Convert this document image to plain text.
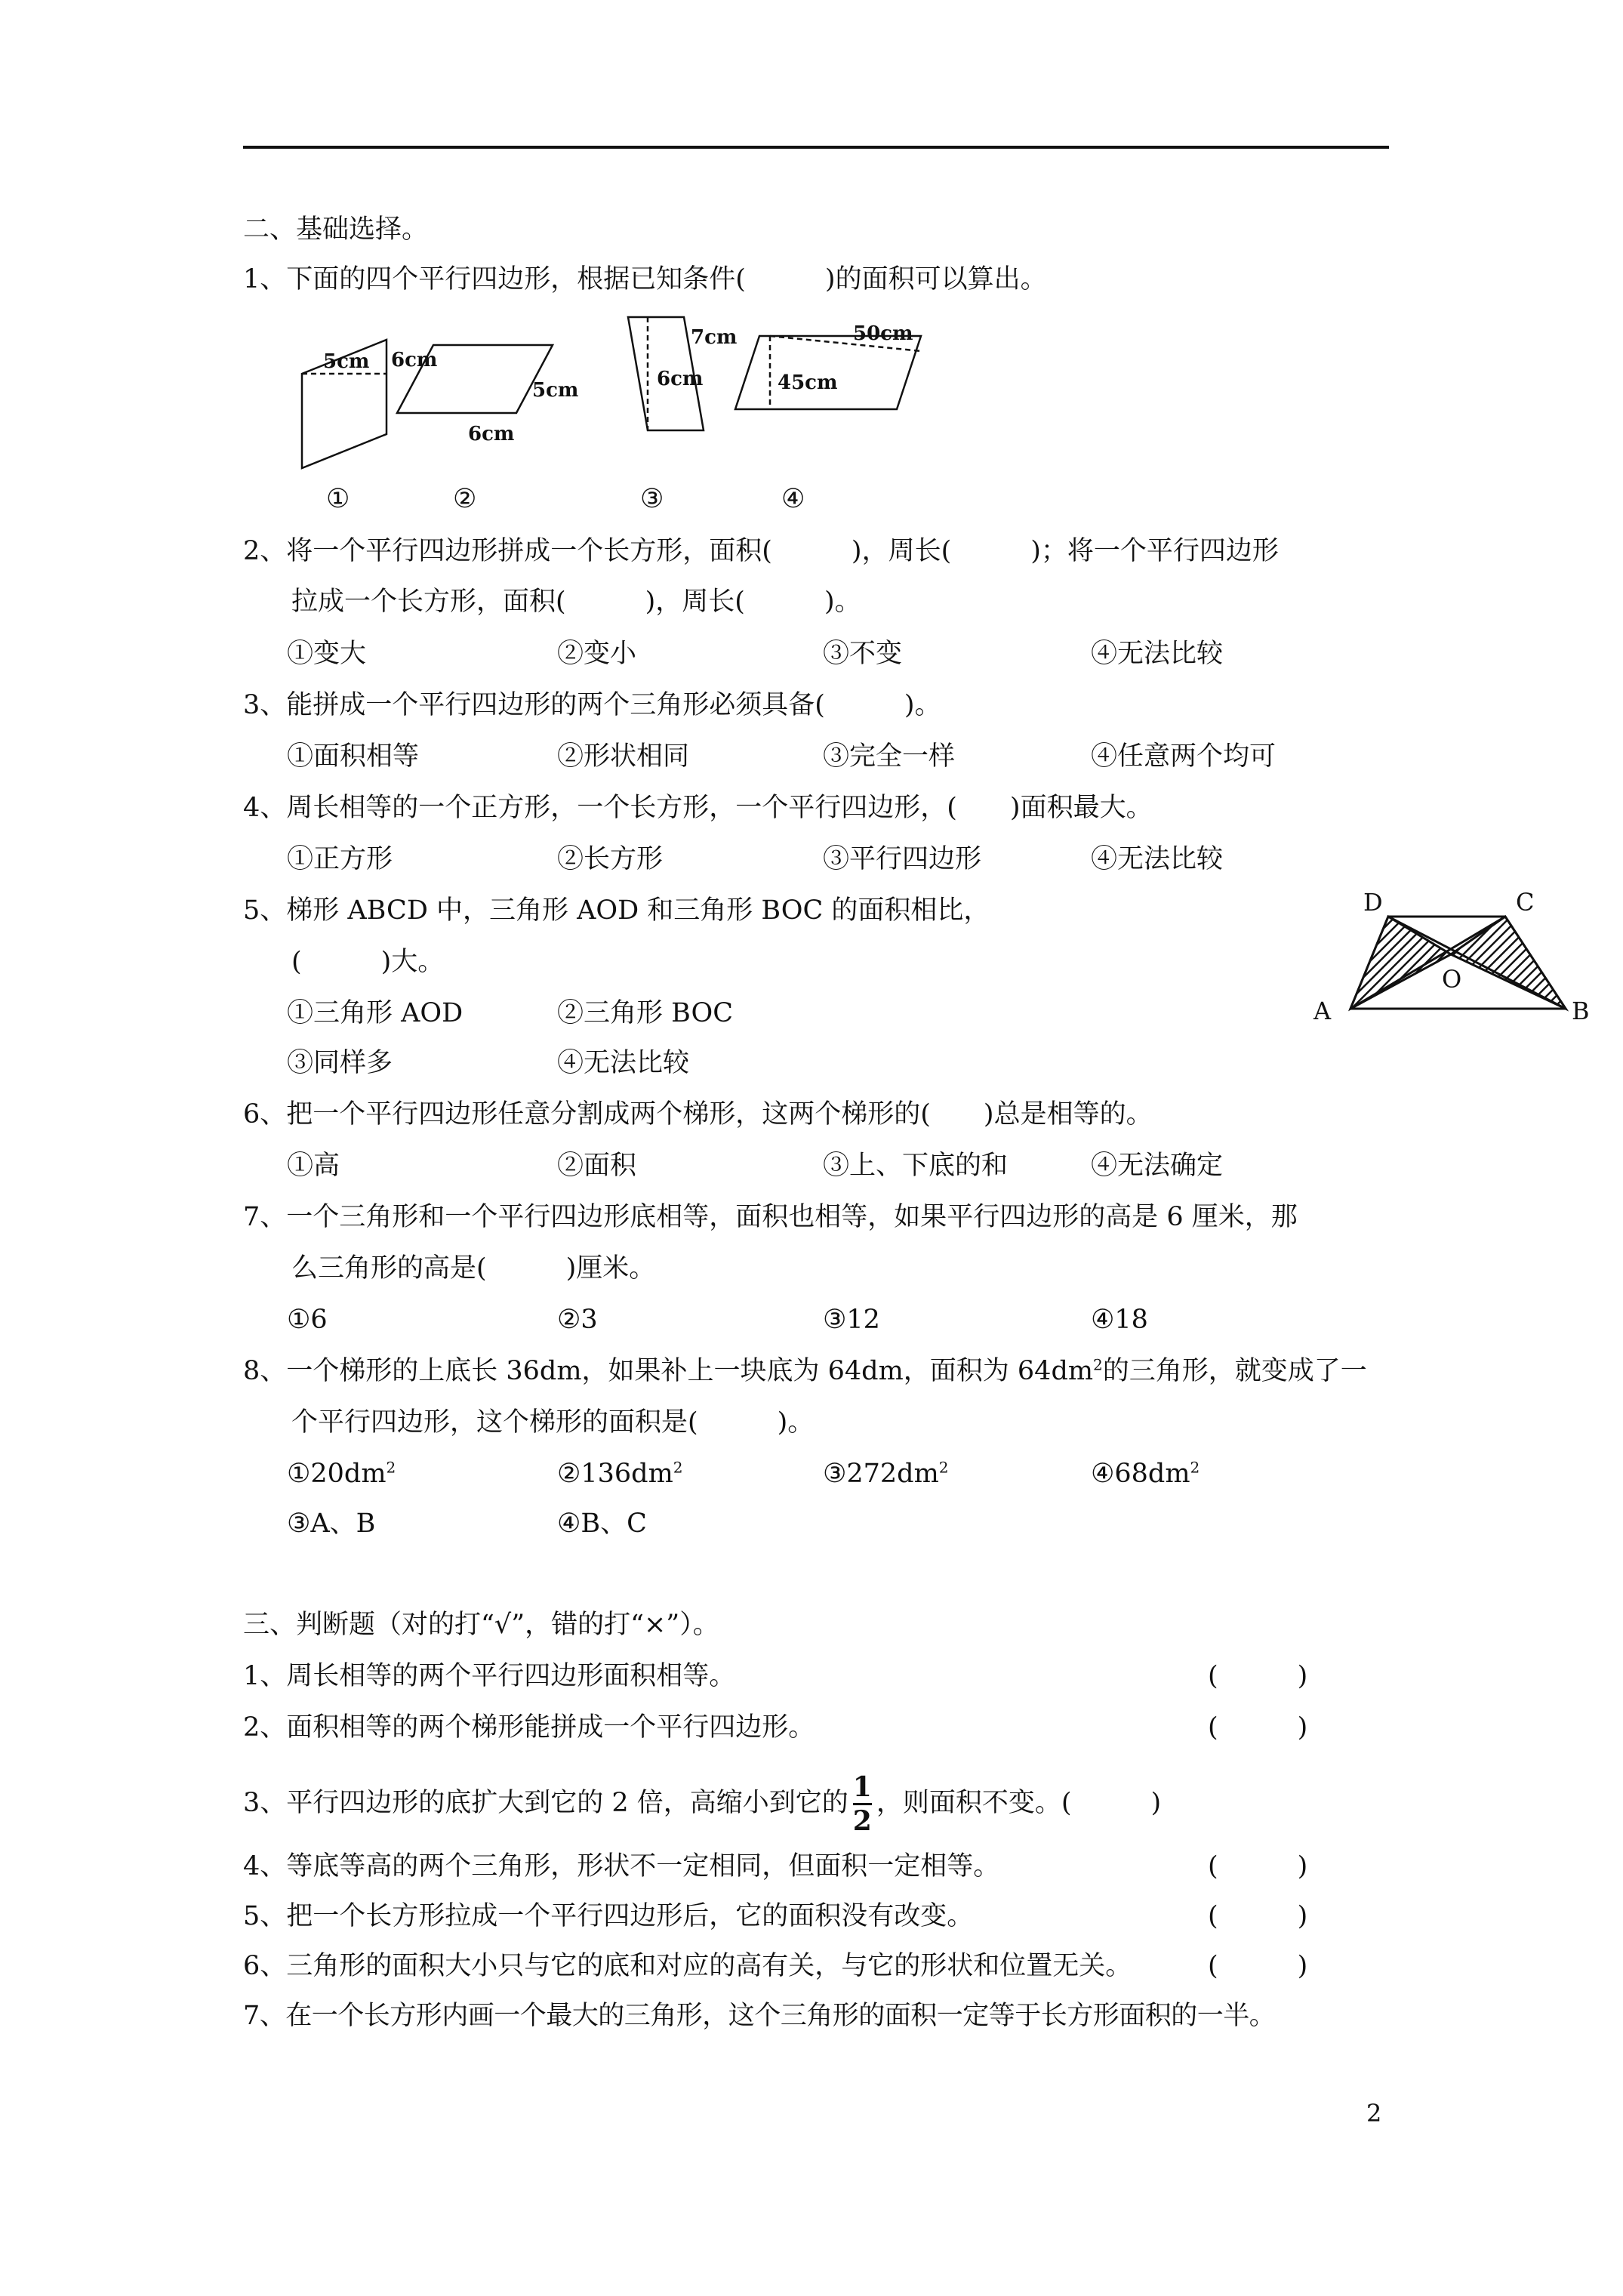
二、基础选择。
1、下面的四个平行四边形，根据已知条件(　　　)的面积可以算出。
5cm 6cm
5cm
6cm
7cm
6cm
50cm
45cm
①	②	③	④
2、将一个平行四边形拼成一个长方形，面积(　　　)，周长(　　　)；将一个平行四边形
拉成一个长方形，面积(　　　)，周长(　　　)。
①变大	②变小	③不变	④无法比较
3、能拼成一个平行四边形的两个三角形必须具备(　　　)。
①面积相等	②形状相同	③完全一样	④任意两个均可
4、周长相等的一个正方形，一个长方形，一个平行四边形，(　　)面积最大。
①正方形	②长方形	③平行四边形	④无法比较
5、梯形 ABCD 中，三角形 AOD 和三角形 BOC 的面积相比，
(　　　)大。
①三角形 AOD	②三角形 BOC
③同样多	④无法比较
D	C
O
A	B
6、把一个平行四边形任意分割成两个梯形，这两个梯形的(　　)总是相等的。
①高	②面积	③上、下底的和	④无法确定
7、一个三角形和一个平行四边形底相等，面积也相等，如果平行四边形的高是 6 厘米，那
么三角形的高是(　　　)厘米。
①6	②3	③12	④18
8、一个梯形的上底长 36dm，如果补上一块底为 64dm，面积为 $64dm^2$的三角形，就变成了一
个平行四边形，这个梯形的面积是(　　　)。
$①20dm^2$	$②136dm^2$	$③272dm^2$	$④68dm^2$
③A、B	④B、C
三、判断题（对的打“√”，错的打“×”）。
1、周长相等的两个平行四边形面积相等。	(　　　)
2、面积相等的两个梯形能拼成一个平行四边形。	(　　　)
3、平行四边形的底扩大到它的 2 倍，高缩小到它的 $\frac{1}{2}$ ，则面积不变。(　　　)
4、等底等高的两个三角形，形状不一定相同，但面积一定相等。	(　　　)
5、把一个长方形拉成一个平行四边形后，它的面积没有改变。	(　　　)
6、三角形的面积大小只与它的底和对应的高有关，与它的形状和位置无关。	(　　　)
7、在一个长方形内画一个最大的三角形，这个三角形的面积一定等于长方形面积的一半。
2
